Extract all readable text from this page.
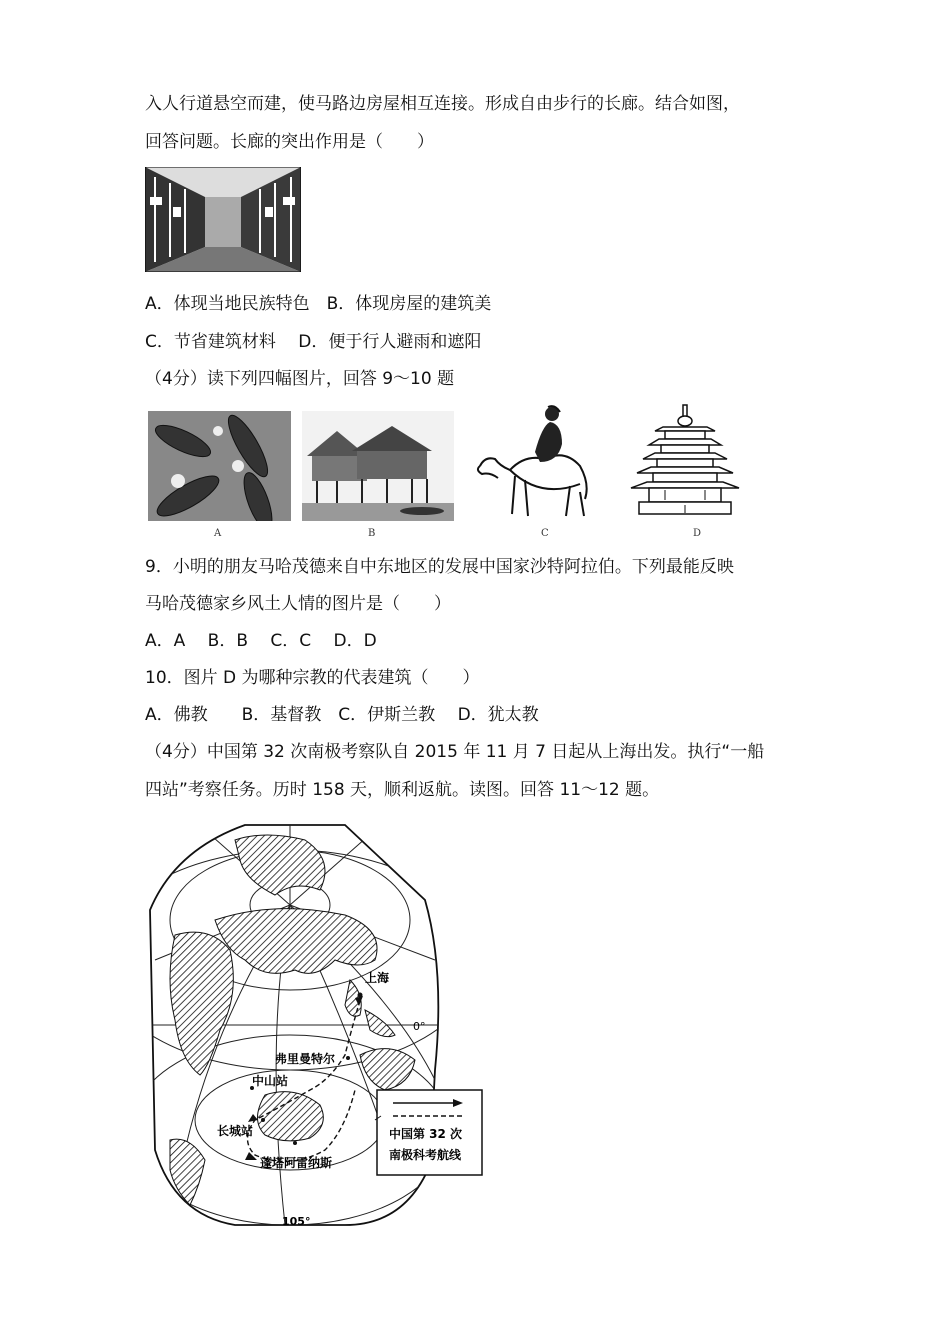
入人行道悬空而建，使马路边房屋相互连接。形成自由步行的长廊。结合如图，
回答问题。长廊的突出作用是（　　）
A．体现当地民族特色　B．体现房屋的建筑美
C．节省建筑材料　 D．便于行人避雨和遮阳
（4分）读下列四幅图片，回答 9～10 题
A	B	C	D
9．小明的朋友马哈茂德来自中东地区的发展中国家沙特阿拉伯。下列最能反映
马哈茂德家乡风土人情的图片是（　　）
A．A　 B．B　 C．C　 D．D
10．图片 D 为哪种宗教的代表建筑（　　）
A．佛教　　B．基督教　C．伊斯兰教　 D．犹太教
（4分）中国第 32 次南极考察队自 2015 年 11 月 7 日起从上海出发。执行“一船
四站”考察任务。历时 158 天，顺利返航。读图。回答 11～12 题。
上海
弗里曼特尔
中山站
长城站
蓬塔阿雷纳斯
0°
105°
中国第 32 次
南极科考航线
